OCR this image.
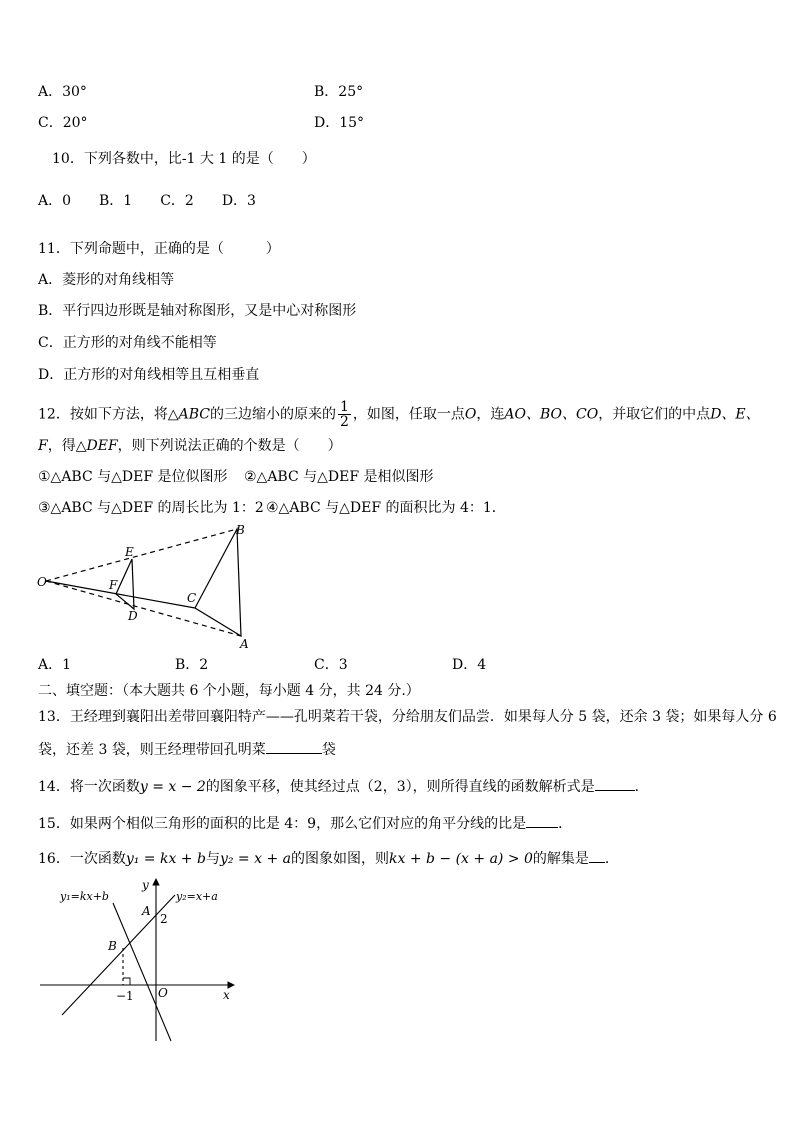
A．30°	B．25°
C．20°	D．15°
10．下列各数中，比-1 大 1 的是（　　）
A．0　　B．1　　C．2　　D．3
11．下列命题中，正确的是（　　　）
A．菱形的对角线相等
B．平行四边形既是轴对称图形，又是中心对称图形
C．正方形的对角线不能相等
D．正方形的对角线相等且互相垂直
12．按如下方法，将△ABC的三边缩小的原来的 $\frac{1}{2}$ ，如图，任取一点O，连AO、BO、CO，并取它们的中点D、E、
F，得△DEF，则下列说法正确的个数是（　　）
①△ABC 与△DEF 是位似图形 ②△ABC 与△DEF 是相似图形
③△ABC 与△DEF 的周长比为 1：2 ④△ABC 与△DEF 的面积比为 4：1．
O
E
F
D
C
B
A
A．1	B．2	C．3	D．4
二、填空题：（本大题共 6 个小题，每小题 4 分，共 24 分.）
13．王经理到襄阳出差带回襄阳特产——孔明菜若干袋，分给朋友们品尝．如果每人分 5 袋，还余 3 袋；如果每人分 6
袋，还差 3 袋，则王经理带回孔明菜	袋
14．将一次函数y = x − 2的图象平移，使其经过点（2，3），则所得直线的函数解析式是	．
15．如果两个相似三角形的面积的比是 4：9，那么它们对应的角平分线的比是 ．
16．一次函数y₁ = kx + b与y₂ = x + a的图象如图，则kx + b − (x + a) > 0的解集是 ．
y₁=kx+b	y₂=x+a
y
x
A
B
O
2
−1
